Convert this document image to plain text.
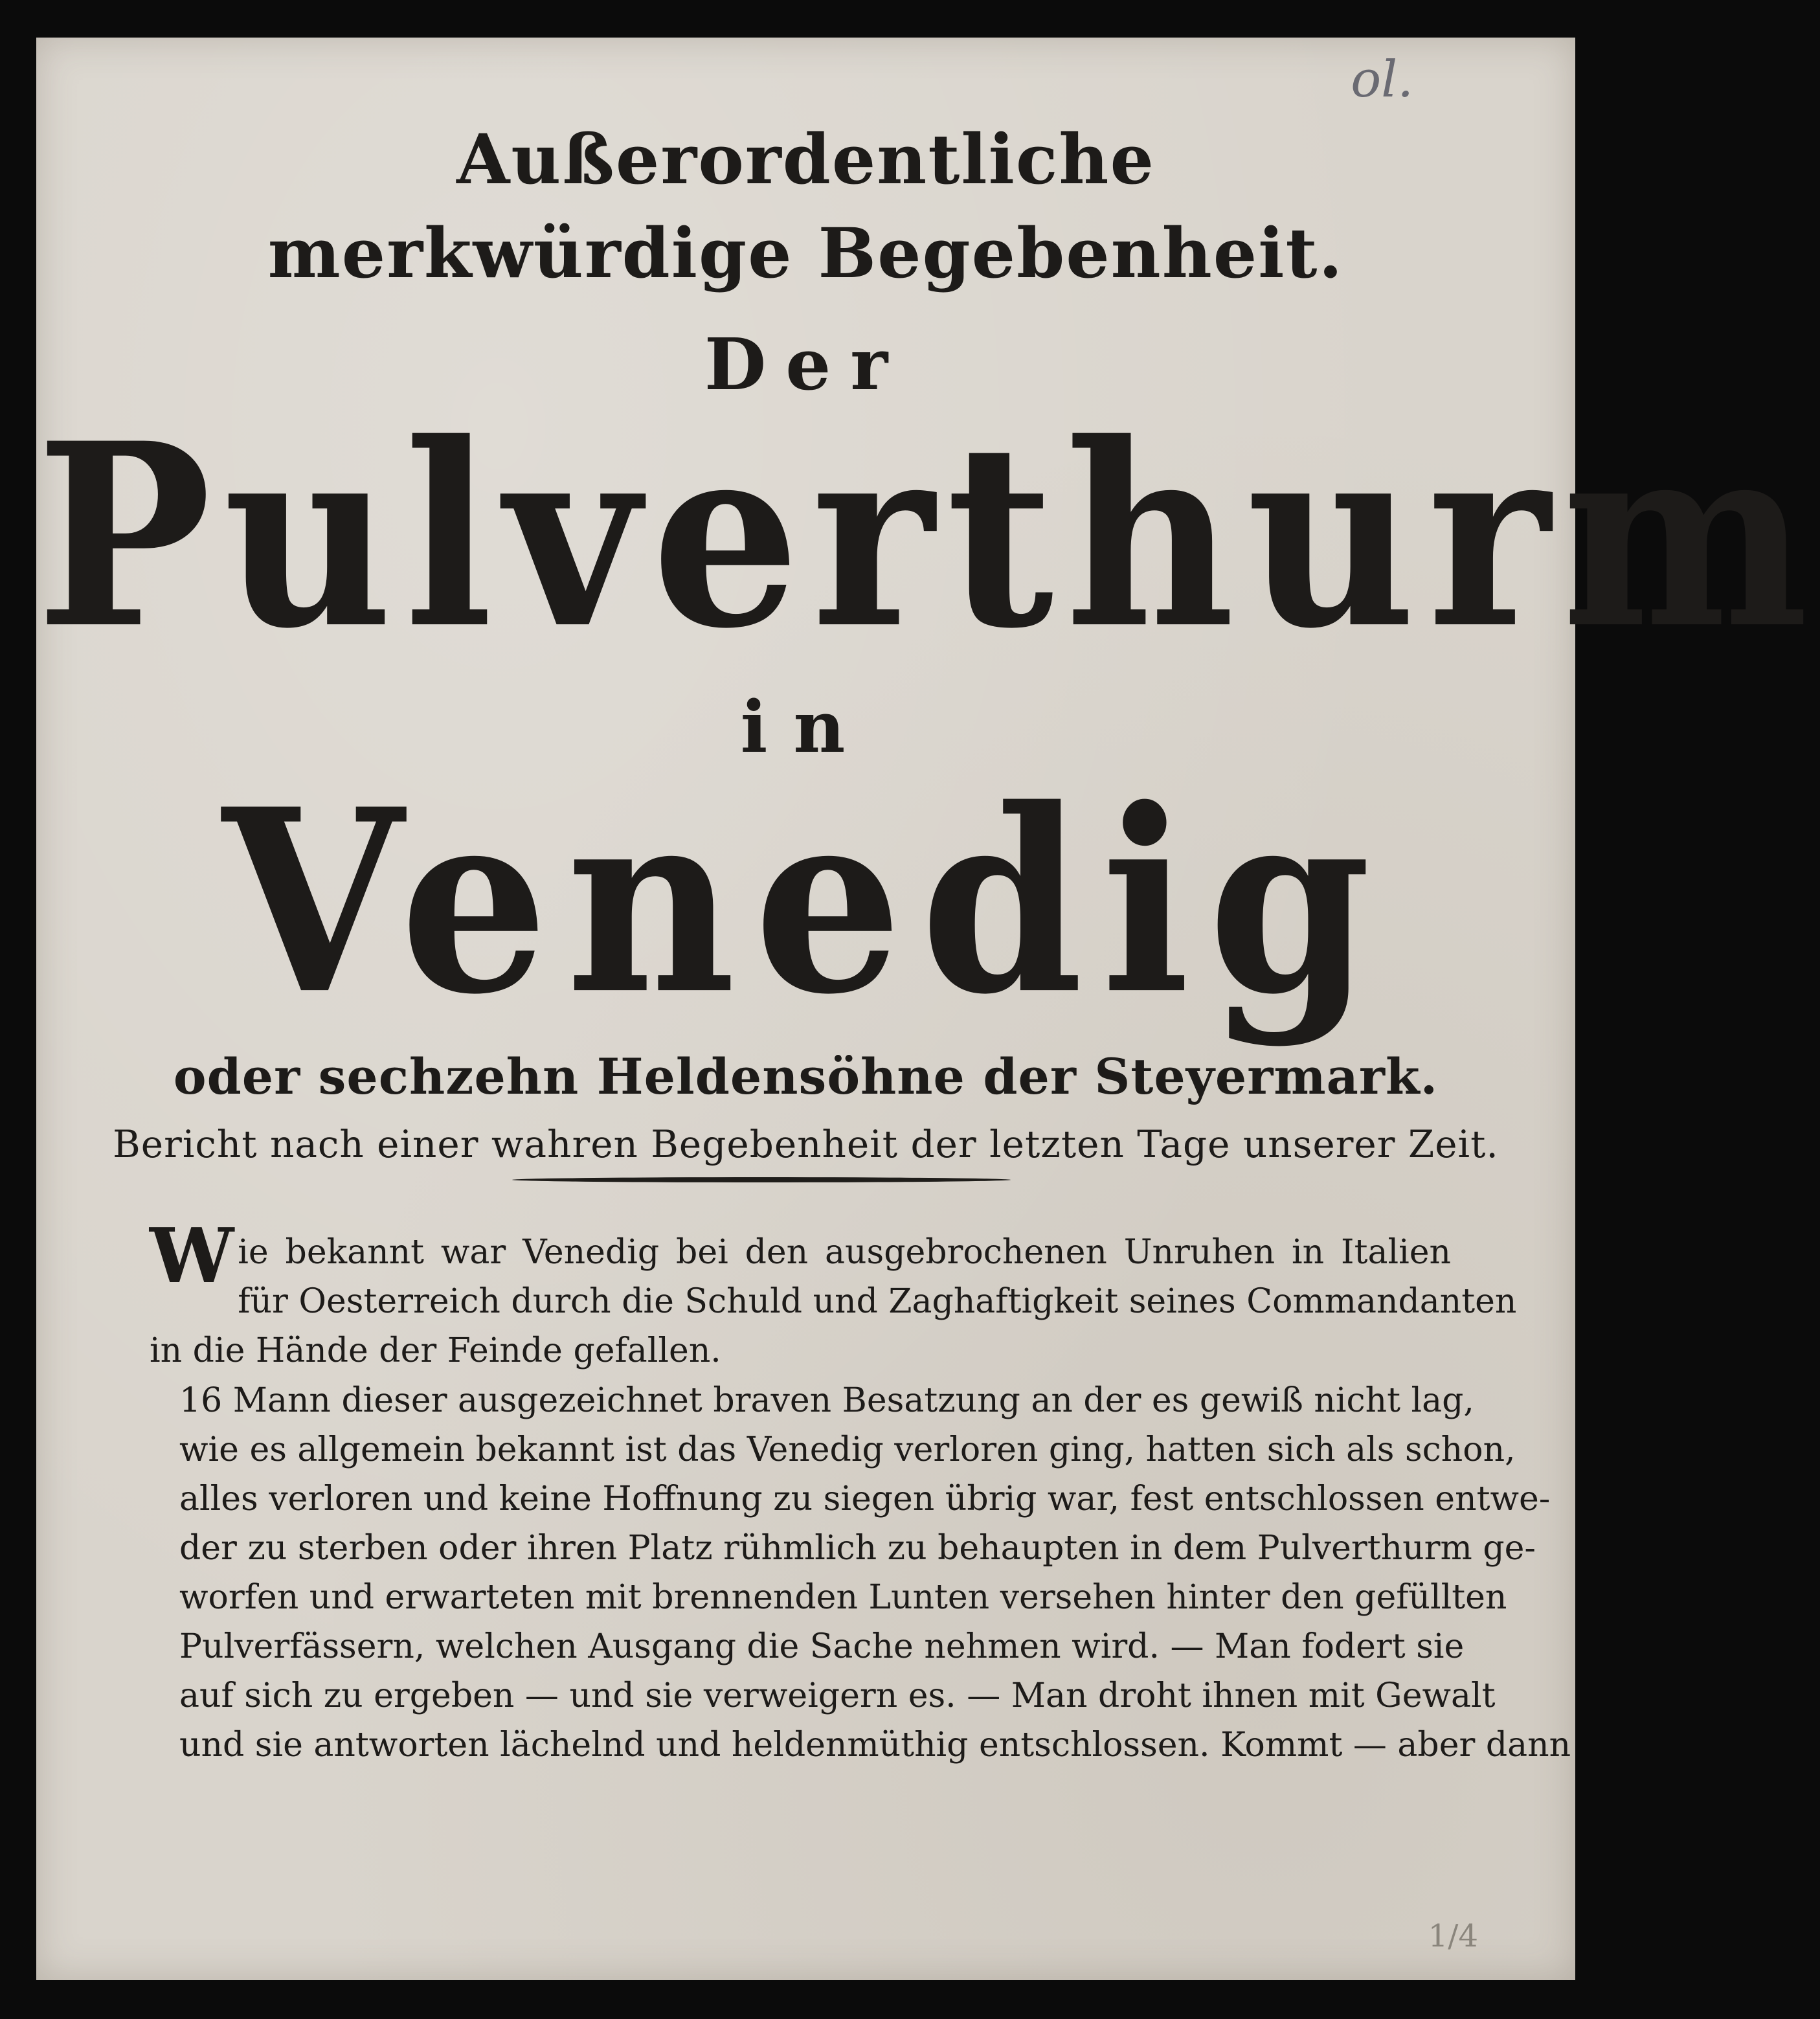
ol.
1/4
Außerordentliche
merkwürdige Begebenheit.
Der
Pulverthurm
in
Venedig
oder sechzehn Heldensöhne der Steyermark.
Bericht nach einer wahren Begebenheit der letzten Tage unserer Zeit.
W ie bekannt war Venedig bei den ausgebrochenen Unruhen in Italien
für Oesterreich durch die Schuld und Zaghaftigkeit seines Commandanten
in die Hände der Feinde gefallen.
16 Mann dieser ausgezeichnet braven Besatzung an der es gewiß nicht lag,
wie es allgemein bekannt ist das Venedig verloren ging, hatten sich als schon,
alles verloren und keine Hoffnung zu siegen übrig war, fest entschlossen entwe-
der zu sterben oder ihren Platz rühmlich zu behaupten in dem Pulverthurm ge-
worfen und erwarteten mit brennenden Lunten versehen hinter den gefüllten
Pulverfässern, welchen Ausgang die Sache nehmen wird. — Man fodert sie
auf sich zu ergeben — und sie verweigern es. — Man droht ihnen mit Gewalt
und sie antworten lächelnd und heldenmüthig entschlossen. Kommt — aber dann
